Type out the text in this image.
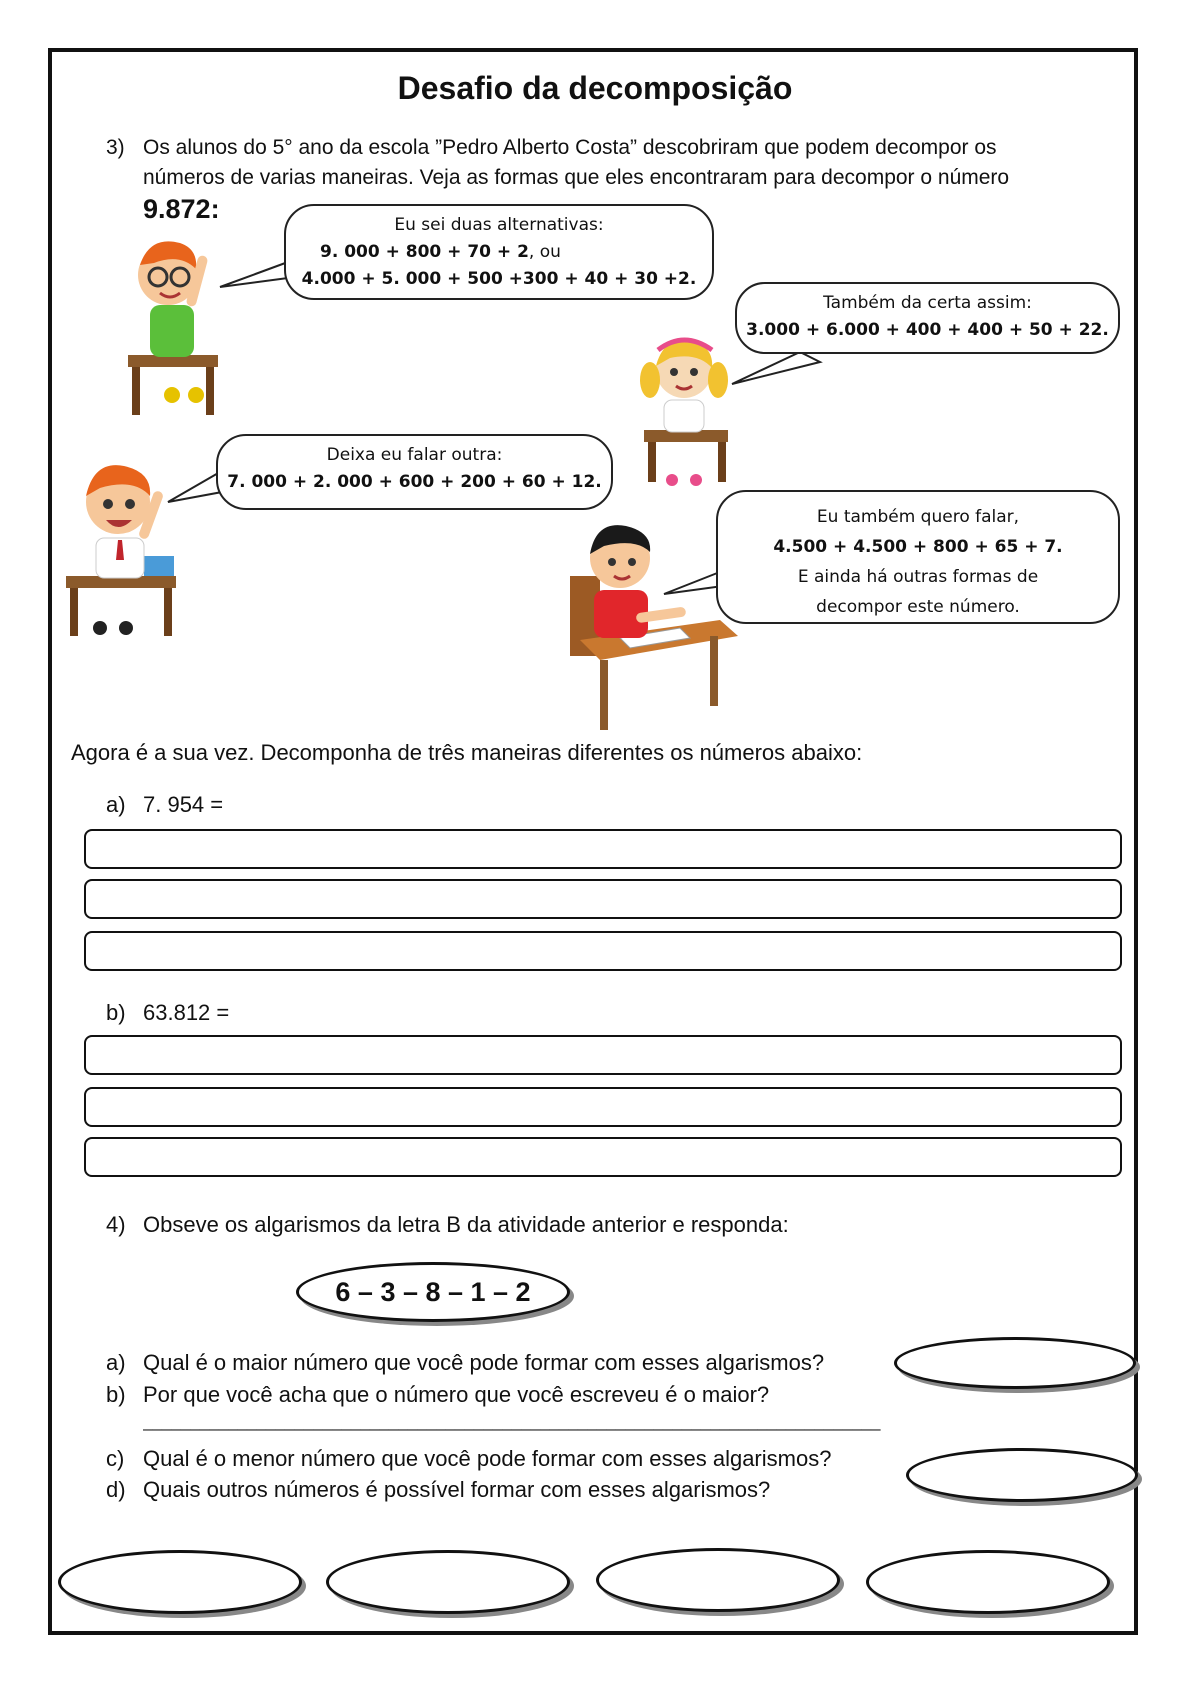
Desafio da decomposição
3) Os alunos do 5° ano da escola ”Pedro Alberto Costa” descobriram que podem decompor os
números de varias maneiras. Veja as formas que eles encontraram para decompor o número
9.872:
Eu sei duas alternativas:
9. 000 + 800 + 70 + 2, ou
4.000 + 5. 000 + 500 +300 + 40 + 30 +2.
Também da certa assim:
3.000 + 6.000 + 400 + 400 + 50 + 22.
Deixa eu falar outra:
7. 000 + 2. 000 + 600 + 200 + 60 + 12.
Eu também quero falar,
4.500 + 4.500 + 800 + 65 + 7.
E ainda há outras formas de
decompor este número.
Agora é a sua vez. Decomponha de três maneiras diferentes os números abaixo:
a) 7. 954 =
b) 63.812 =
4) Obseve os algarismos da letra B da atividade anterior e responda:
6 – 3 – 8 – 1 – 2
a) Qual é o maior número que você pode formar com esses algarismos?
b) Por que você acha que o número que você escreveu é o maior?
______________________________________________________________________________
c) Qual é o menor número que você pode formar com esses algarismos?
d) Quais outros números é possível formar com esses algarismos?
